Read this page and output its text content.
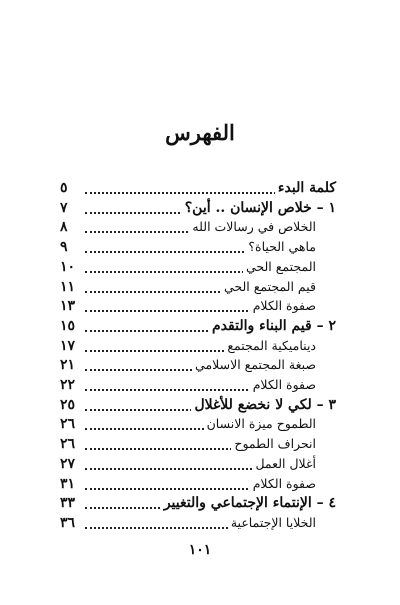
الفهرس
كلمة البدء
٥
١ – خلاص الإنسان .. أين؟
٧
الخلاص في رسالات الله
٨
ماهي الحياة؟
٩
المجتمع الحي
١٠
قيم المجتمع الحي
١١
صفوة الكلام
١٣
٢ – قيم البناء والتقدم
١٥
ديناميكية المجتمع
١٧
صبغة المجتمع الاسلامي
٢١
صفوة الكلام
٢٢
٣ – لكي لا نخضع للأغلال
٢٥
الطموح ميزة الانسان
٢٦
انحراف الطموح
٢٦
أغلال العمل
٢٧
صفوة الكلام
٣١
٤ – الإنتماء الإجتماعي والتغيير
٣٣
الخلايا الإجتماعية
٣٦
١٠١
